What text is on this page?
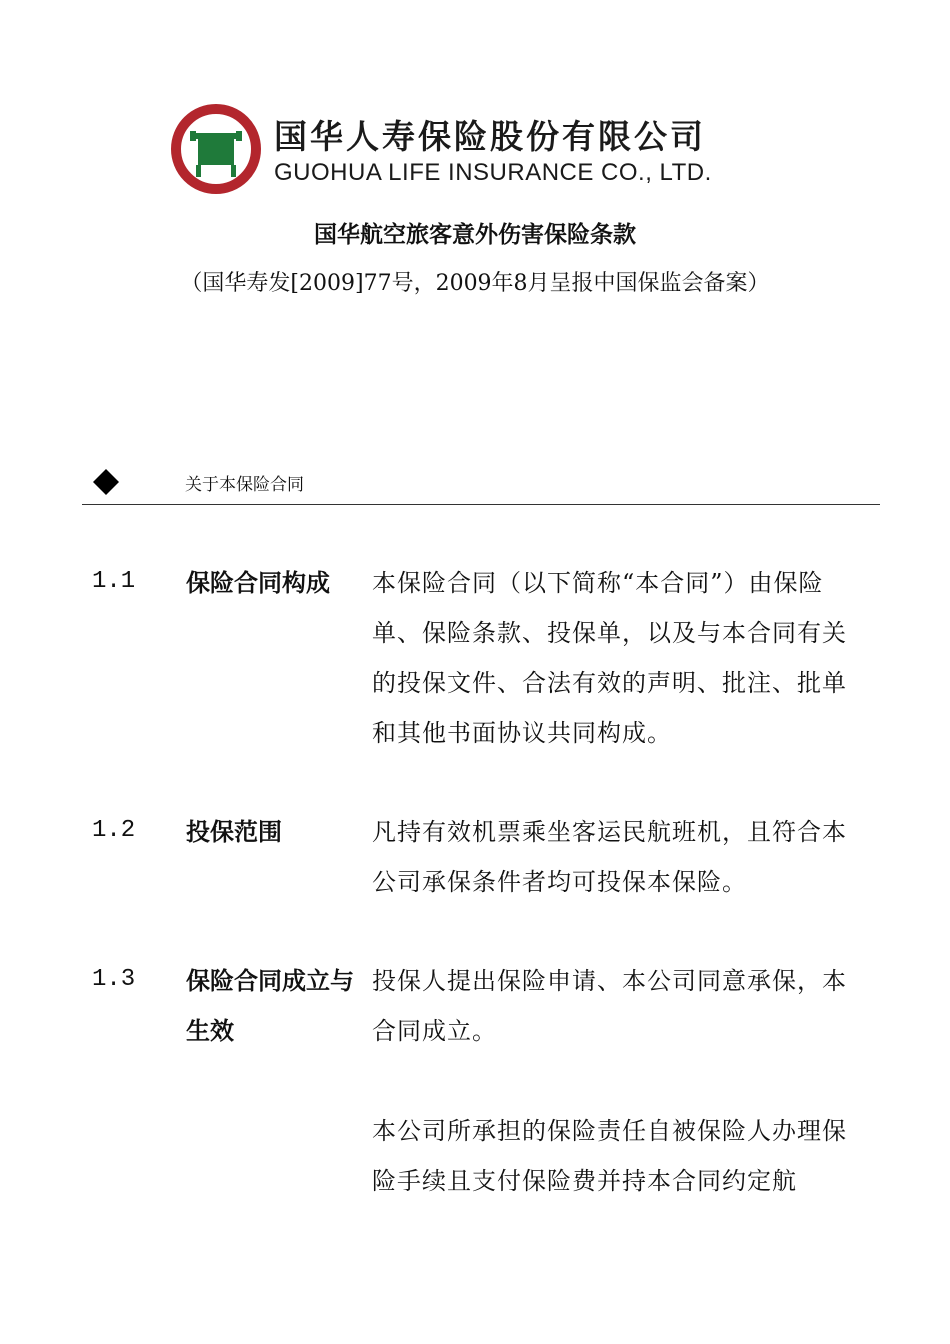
国华人寿保险股份有限公司
GUOHUA LIFE INSURANCE CO., LTD.
国华航空旅客意外伤害保险条款
（国华寿发[2009]77号，2009年8月呈报中国保监会备案）
关于本保险合同
1.1 保险合同构成	本保险合同（以下简称“本合同”）由保险单、保险条款、投保单，以及与本合同有关的投保文件、合法有效的声明、批注、批单和其他书面协议共同构成。

1.2 投保范围	凡持有效机票乘坐客运民航班机，且符合本公司承保条件者均可投保本保险。

1.3 保险合同成立与生效

投保人提出保险申请、本公司同意承保，本合同成立。

本公司所承担的保险责任自被保险人办理保险手续且支付保险费并持本合同约定航
